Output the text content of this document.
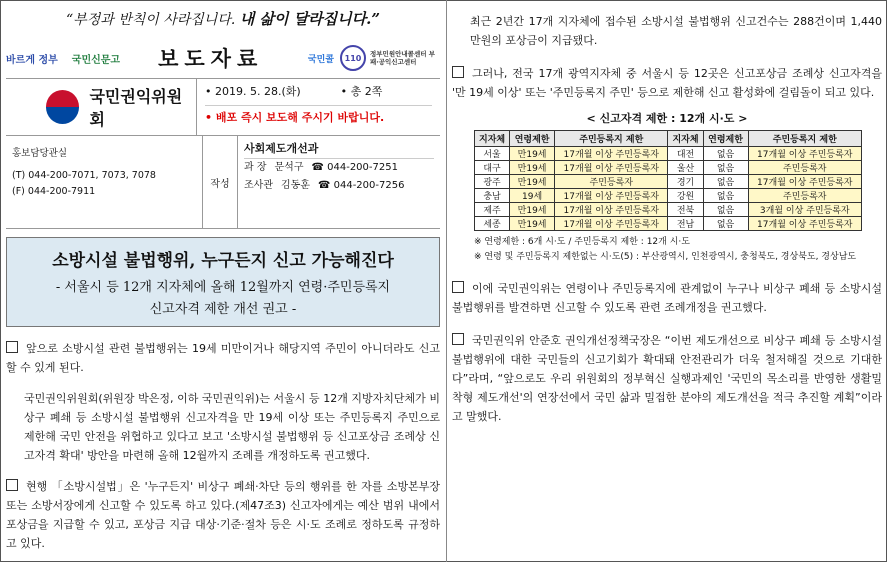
“부정과 반칙이 사라집니다. 내 삶이 달라집니다.”
바르게 정부 국민신문고 보도자료	국민콜	110	정부민원안내콜센터 부패·공익신고센터
국민권익위원회
• 2019. 5. 28.(화)	• 총 2쪽
• 배포 즉시 보도해 주시기 바랍니다.
홍보담당관실
(T) 044-200-7071, 7073, 7078
(F) 044-200-7911
작성
사회제도개선과
과 장 문석구 ☎ 044-200-7251
조사관 김동훈 ☎ 044-200-7256
소방시설 불법행위, 누구든지 신고 가능해진다
- 서울시 등 12개 지자체에 올해 12월까지 연령·주민등록지
신고자격 제한 개선 권고 -
앞으로 소방시설 관련 불법행위는 19세 미만이거나 해당지역 주민이 아니더라도 신고할 수 있게 된다.
국민권익위원회(위원장 박은정, 이하 국민권익위)는 서울시 등 12개 지방자치단체가 비상구 폐쇄 등 소방시설 불법행위 신고자격을 만 19세 이상 또는 주민등록지 주민으로 제한해 국민 안전을 위협하고 있다고 보고 '소방시설 불법행위 등 신고포상금 조례상 신고자격 확대' 방안을 마련해 올해 12월까지 조례를 개정하도록 권고했다.
현행 「소방시설법」은 '누구든지' 비상구 폐쇄·차단 등의 행위를 한 자를 소방본부장 또는 소방서장에게 신고할 수 있도록 하고 있다.(제47조3) 신고자에게는 예산 범위 내에서 포상금을 지급할 수 있고, 포상금 지급 대상·기준·절차 등은 시·도 조례로 정하도록 규정하고 있다.
최근 2년간 17개 지자체에 접수된 소방시설 불법행위 신고건수는 288건이며 1,440만원의 포상금이 지급됐다.
그러나, 전국 17개 광역지자체 중 서울시 등 12곳은 신고포상금 조례상 신고자격을 '만 19세 이상' 또는 '주민등록지 주민' 등으로 제한해 신고 활성화에 걸림돌이 되고 있다.
< 신고자격 제한 : 12개 시·도 >
지자체	연령제한	주민등록지 제한	지자체	연령제한	주민등록지 제한
서울	만19세	17개월 이상 주민등록자	대전	없음	17개월 이상 주민등록자
대구	만19세	17개월 이상 주민등록자	울산	없음	주민등록자
광주	만19세	주민등록자	경기	없음	17개월 이상 주민등록자
충남	19세	17개월 이상 주민등록자	강원	없음	주민등록자
제주	만19세	17개월 이상 주민등록자	전북	없음	3개월 이상 주민등록자
세종	만19세	17개월 이상 주민등록자	전남	없음	17개월 이상 주민등록자
※ 연령제한 : 6개 시·도 / 주민등록지 제한 : 12개 시·도
※ 연령 및 주민등록지 제한없는 시·도(5) : 부산광역시, 인천광역시, 충청북도, 경상북도, 경상남도
이에 국민권익위는 연령이나 주민등록지에 관계없이 누구나 비상구 폐쇄 등 소방시설 불법행위를 발견하면 신고할 수 있도록 관련 조례개정을 권고했다.
국민권익위 안준호 권익개선정책국장은 “이번 제도개선으로 비상구 폐쇄 등 소방시설 불법행위에 대한 국민들의 신고기회가 확대돼 안전관리가 더욱 철저해질 것으로 기대한다”라며, “앞으로도 우리 위원회의 정부혁신 실행과제인 '국민의 목소리를 반영한 생활밀착형 제도개선'의 연장선에서 국민 삶과 밀접한 분야의 제도개선을 적극 추진할 계획”이라고 말했다.
